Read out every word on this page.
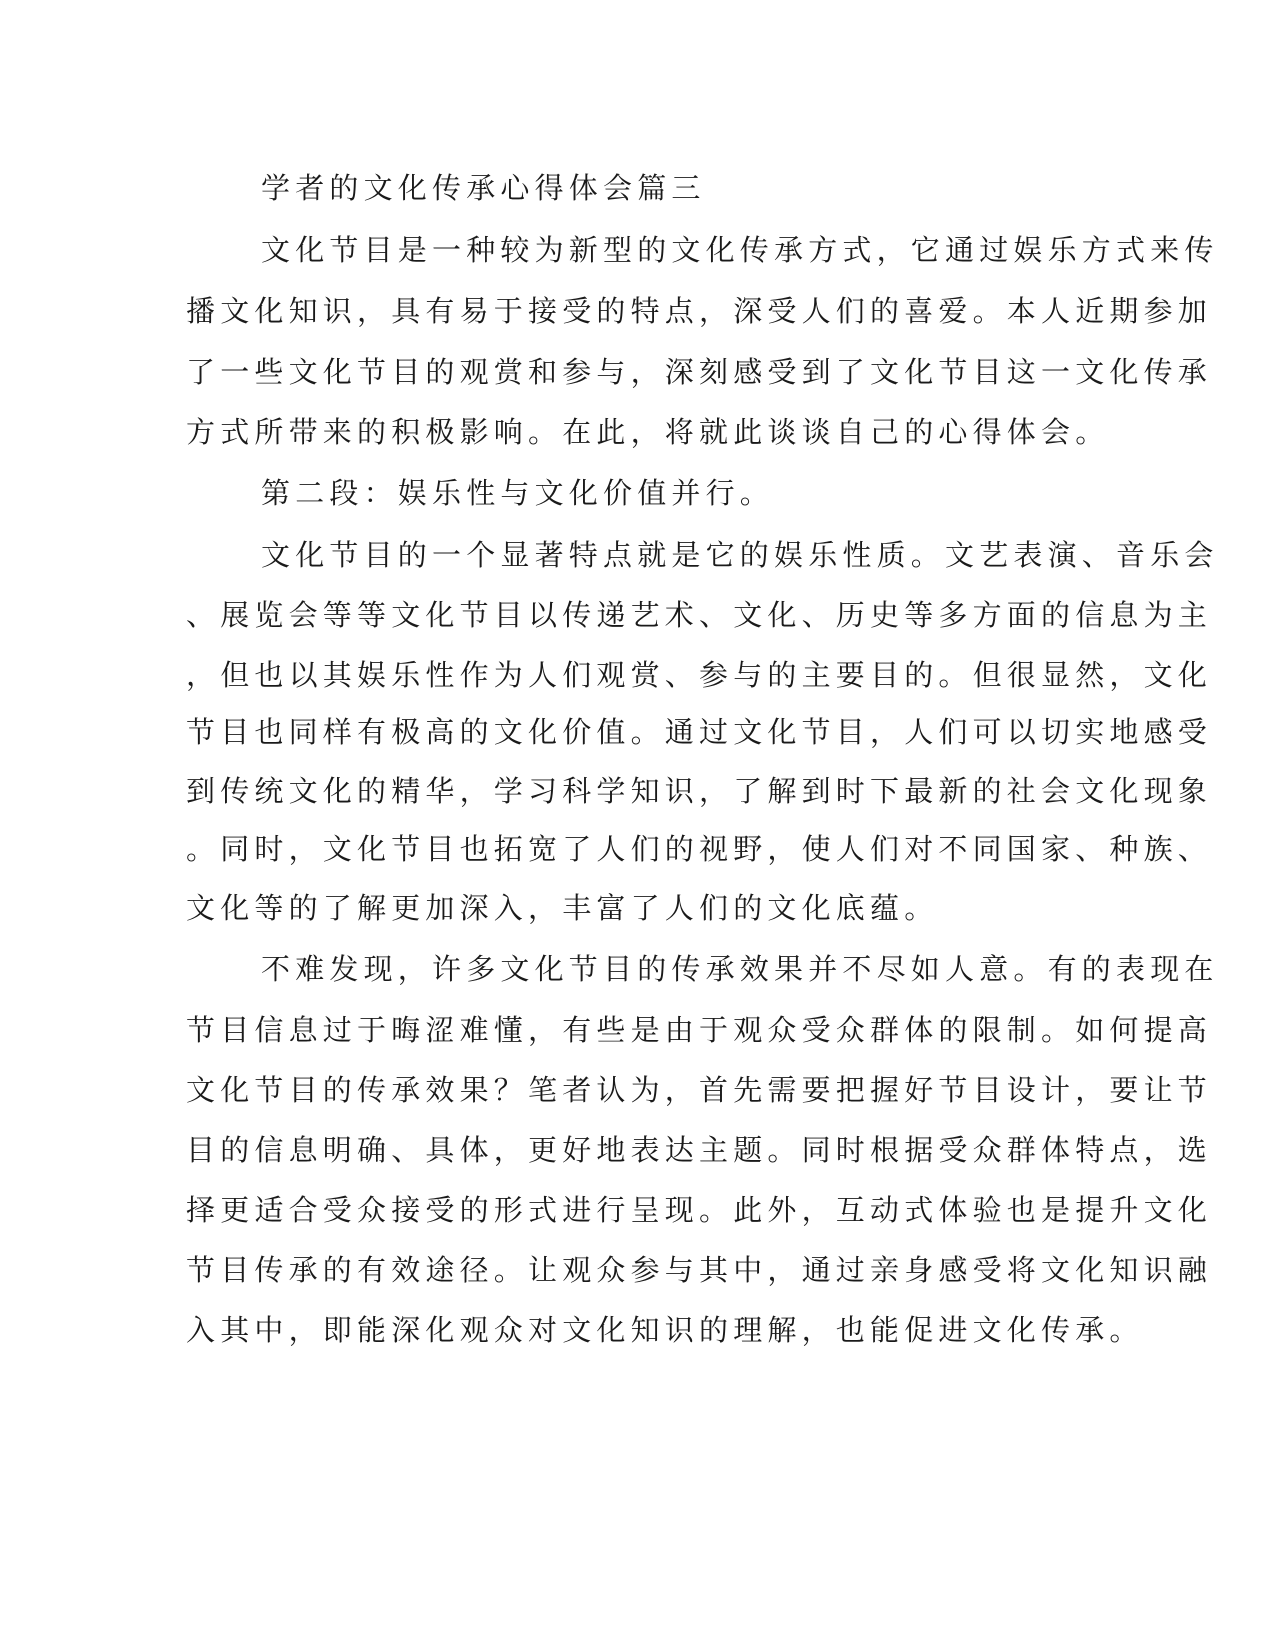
学者的文化传承心得体会篇三
文化节目是一种较为新型的文化传承方式，它通过娱乐方式来传
播文化知识，具有易于接受的特点，深受人们的喜爱。本人近期参加
了一些文化节目的观赏和参与，深刻感受到了文化节目这一文化传承
方式所带来的积极影响。在此，将就此谈谈自己的心得体会。
第二段：娱乐性与文化价值并行。
文化节目的一个显著特点就是它的娱乐性质。文艺表演、音乐会
、展览会等等文化节目以传递艺术、文化、历史等多方面的信息为主
，但也以其娱乐性作为人们观赏、参与的主要目的。但很显然，文化
节目也同样有极高的文化价值。通过文化节目，人们可以切实地感受
到传统文化的精华，学习科学知识，了解到时下最新的社会文化现象
。同时，文化节目也拓宽了人们的视野，使人们对不同国家、种族、
文化等的了解更加深入，丰富了人们的文化底蕴。
不难发现，许多文化节目的传承效果并不尽如人意。有的表现在
节目信息过于晦涩难懂，有些是由于观众受众群体的限制。如何提高
文化节目的传承效果？笔者认为，首先需要把握好节目设计，要让节
目的信息明确、具体，更好地表达主题。同时根据受众群体特点，选
择更适合受众接受的形式进行呈现。此外，互动式体验也是提升文化
节目传承的有效途径。让观众参与其中，通过亲身感受将文化知识融
入其中，即能深化观众对文化知识的理解，也能促进文化传承。
